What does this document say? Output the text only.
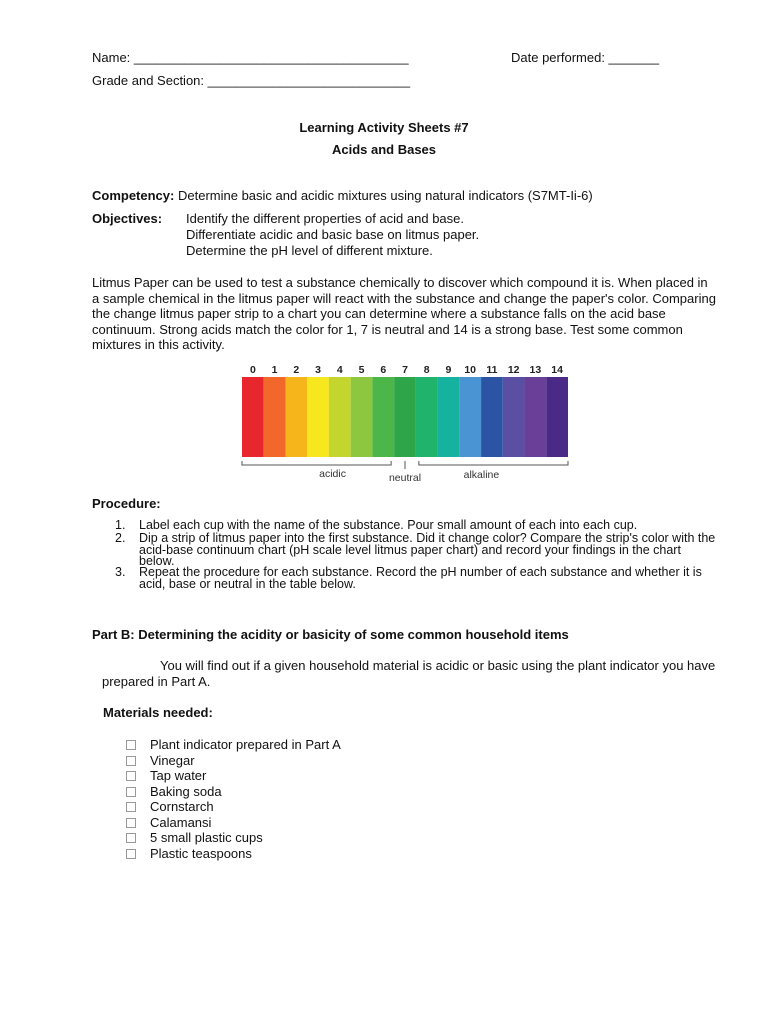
Name: ______________________________________	Date performed: _______
Grade and Section: ____________________________
Learning Activity Sheets #7
Acids and Bases
Competency: Determine basic and acidic mixtures using natural indicators (S7MT-Ii-6)
Objectives: Identify the different properties of acid and base.
Differentiate acidic and basic base on litmus paper.
Determine the pH level of different mixture.
Litmus Paper can be used to test a substance chemically to discover which compound it is. When placed in a sample chemical in the litmus paper will react with the substance and change the paper's color. Comparing the change litmus paper strip to a chart you can determine where a substance falls on the acid base continuum. Strong acids match the color for 1, 7 is neutral and 14 is a strong base. Test some common mixtures in this activity.
0 1 2 3 4 5 6 7 8 9 10 11 12 13 14
acidic	neutral	alkaline
Procedure:
1. Label each cup with the name of the substance. Pour small amount of each into each cup.
2. Dip a strip of litmus paper into the first substance. Did it change color? Compare the strip's color with the acid-base continuum chart (pH scale level litmus paper chart) and record your findings in the chart below.
3. Repeat the procedure for each substance. Record the pH number of each substance and whether it is acid, base or neutral in the table below.
Part B: Determining the acidity or basicity of some common household items
You will find out if a given household material is acidic or basic using the plant indicator you have prepared in Part A.
Materials needed:
Plant indicator prepared in Part A
Vinegar
Tap water
Baking soda
Cornstarch
Calamansi
5 small plastic cups
Plastic teaspoons
